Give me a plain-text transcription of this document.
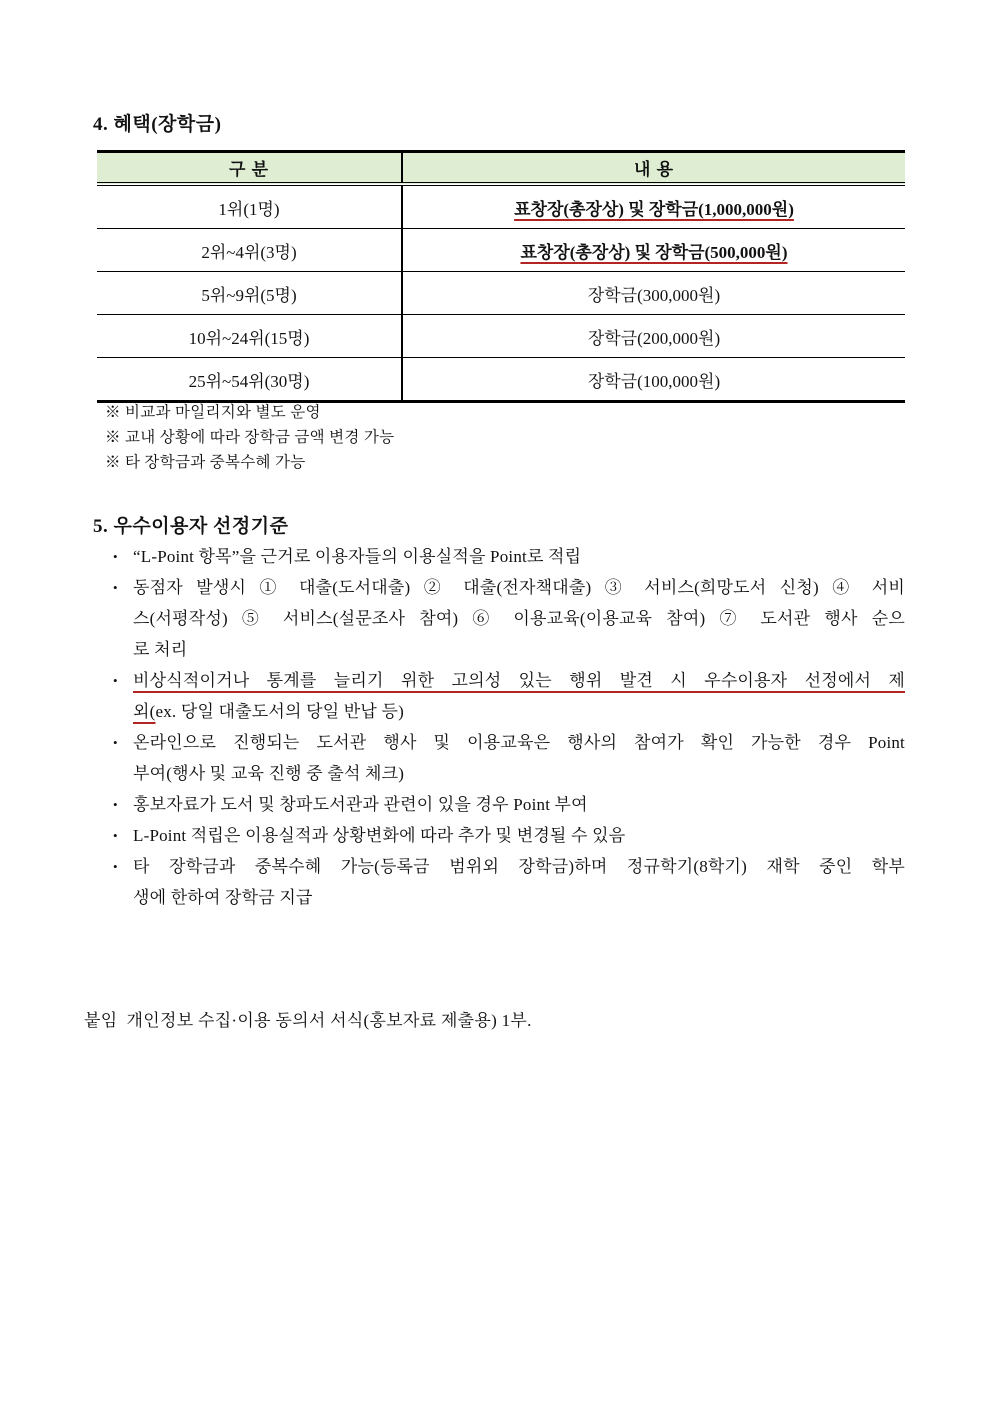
4. 혜택(장학금)
구 분	내 용
1위(1명)	표창장(총장상) 및 장학금(1,000,000원)
2위~4위(3명)	표창장(총장상) 및 장학금(500,000원)
5위~9위(5명)	장학금(300,000원)
10위~24위(15명)	장학금(200,000원)
25위~54위(30명)	장학금(100,000원)
※ 비교과 마일리지와 별도 운영
※ 교내 상황에 따라 장학금 금액 변경 가능
※ 타 장학금과 중복수혜 가능
5. 우수이용자 선정기준
• “L-Point 항목”을 근거로 이용자들의 이용실적을 Point로 적립
• 동점자 발생시 ① 대출(도서대출) ② 대출(전자책대출) ③ 서비스(희망도서 신청) ④ 서비
스(서평작성) ⑤ 서비스(설문조사 참여) ⑥ 이용교육(이용교육 참여) ⑦ 도서관 행사 순으
로 처리
• 비상식적이거나 통계를 늘리기 위한 고의성 있는 행위 발견 시 우수이용자 선정에서 제
외(ex. 당일 대출도서의 당일 반납 등)
• 온라인으로 진행되는 도서관 행사 및 이용교육은 행사의 참여가 확인 가능한 경우 Point
부여(행사 및 교육 진행 중 출석 체크)
• 홍보자료가 도서 및 창파도서관과 관련이 있을 경우 Point 부여
• L-Point 적립은 이용실적과 상황변화에 따라 추가 및 변경될 수 있음
• 타 장학금과 중복수혜 가능(등록금 범위외 장학금)하며 정규학기(8학기) 재학 중인 학부
생에 한하여 장학금 지급
붙임  개인정보 수집·이용 동의서 서식(홍보자료 제출용) 1부.
